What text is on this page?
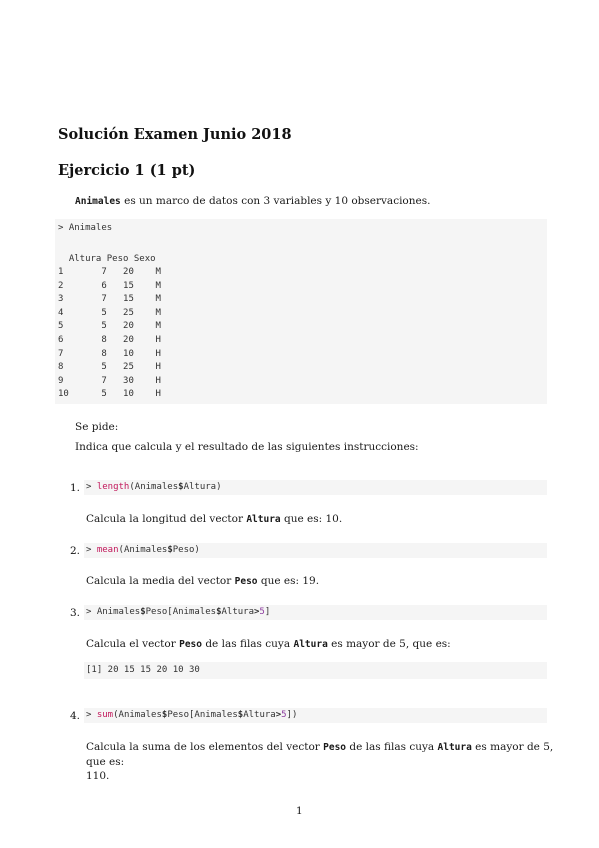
Solución Examen Junio 2018
Ejercicio 1 (1 pt)
Animales es un marco de datos con 3 variables y 10 observaciones.
> Animales
Altura Peso Sexo
1       7   20    M
2       6   15    M
3       7   15    M
4       5   25    M
5       5   20    M
6       8   20    H
7       8   10    H
8       5   25    H
9       7   30    H
10      5   10    H
Se pide:
Indica que calcula y el resultado de las siguientes instrucciones:
1. > length(Animales$Altura)
Calcula la longitud del vector Altura que es: 10.
2. > mean(Animales$Peso)
Calcula la media del vector Peso que es: 19.
3. > Animales$Peso[Animales$Altura>5]
Calcula el vector Peso de las filas cuya Altura es mayor de 5, que es:
[1] 20 15 15 20 10 30
4. > sum(Animales$Peso[Animales$Altura>5])
Calcula la suma de los elementos del vector Peso de las filas cuya Altura es mayor de 5, que es:
110.
1
